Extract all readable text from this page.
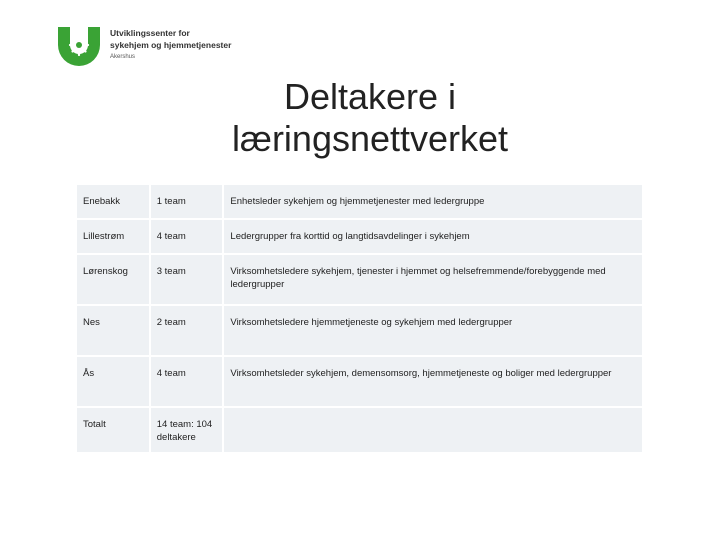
Utviklingssenter for
sykehjem og hjemmetjenester
Akershus
Deltakere i
læringsnettverket
Enebakk	1 team	Enhetsleder sykehjem og hjemmetjenester med ledergruppe
Lillestrøm	4 team	Ledergrupper fra korttid og langtidsavdelinger i sykehjem
Lørenskog	3 team	Virksomhetsledere sykehjem, tjenester i hjemmet og helsefremmende/forebyggende med ledergrupper
Nes	2 team	Virksomhetsledere hjemmetjeneste og sykehjem med ledergrupper
Ås	4 team	Virksomhetsleder sykehjem, demensomsorg, hjemmetjeneste og boliger med ledergrupper
Totalt	14 team: 104 deltakere	
